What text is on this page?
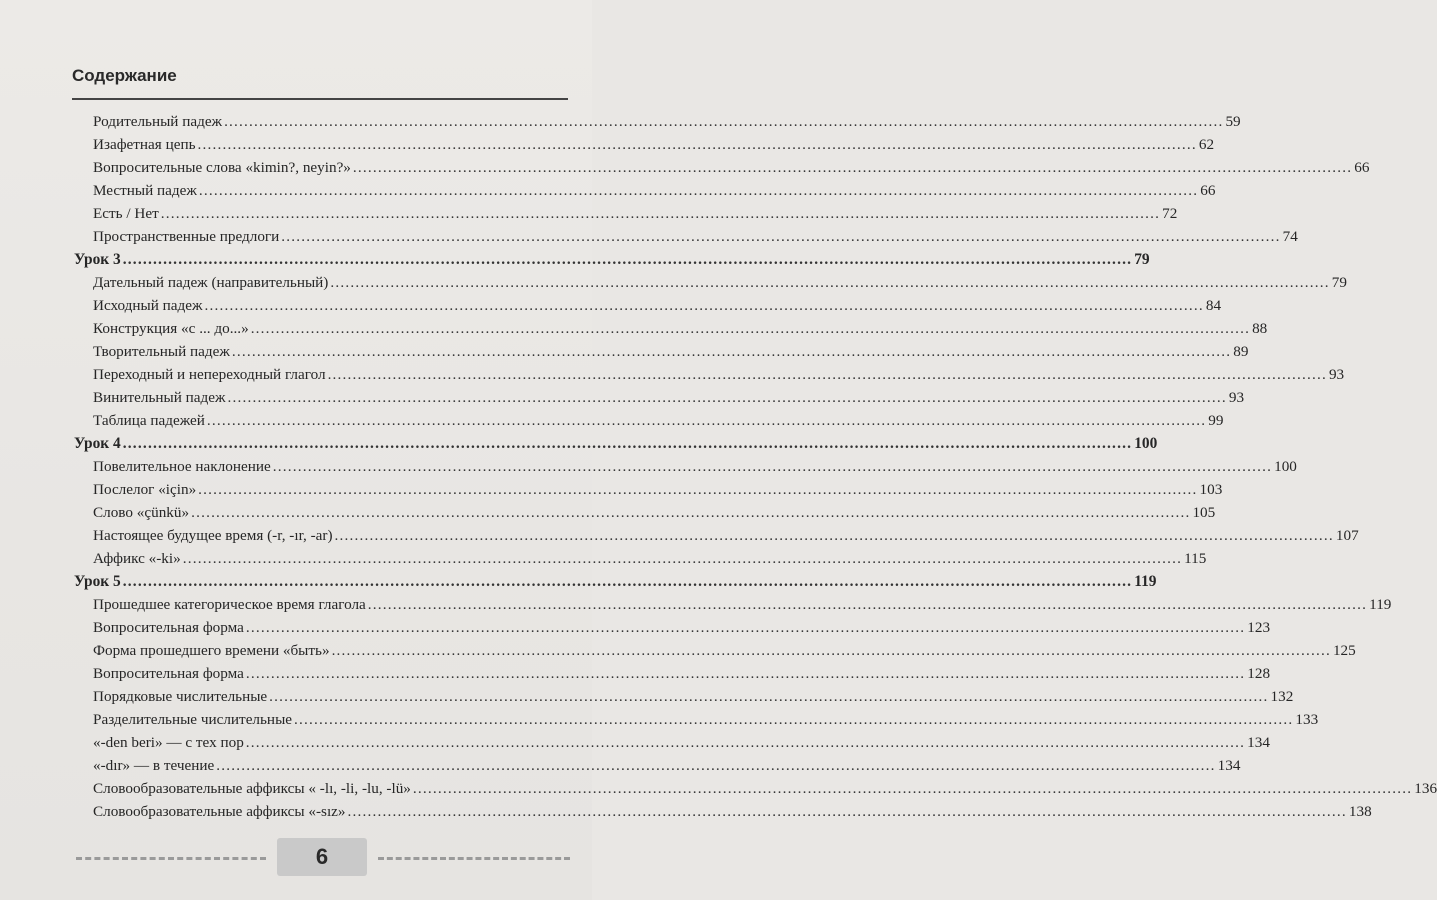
Содержание
Родительный падеж ........................................................................................................................................................................................................ 59
Изафетная цепь ........................................................................................................................................................................................................ 62
Вопросительные слова «kimin?, neyin?» ........................................................................................................................................................................................................ 66
Местный падеж ........................................................................................................................................................................................................ 66
Есть / Нет ........................................................................................................................................................................................................ 72
Пространственные предлоги ........................................................................................................................................................................................................ 74
Урок 3 ........................................................................................................................................................................................................ 79
Дательный падеж (направительный) ........................................................................................................................................................................................................ 79
Исходный падеж ........................................................................................................................................................................................................ 84
Конструкция «с ... до...» ........................................................................................................................................................................................................ 88
Творительный падеж ........................................................................................................................................................................................................ 89
Переходный и непереходный глагол ........................................................................................................................................................................................................ 93
Винительный падеж ........................................................................................................................................................................................................ 93
Таблица падежей ........................................................................................................................................................................................................ 99
Урок 4 ........................................................................................................................................................................................................ 100
Повелительное наклонение ........................................................................................................................................................................................................ 100
Послелог «için» ........................................................................................................................................................................................................ 103
Слово «çünkü» ........................................................................................................................................................................................................ 105
Настоящее будущее время (-r, -ır, -ar) ........................................................................................................................................................................................................ 107
Аффикс «-ki» ........................................................................................................................................................................................................ 115
Урок 5 ........................................................................................................................................................................................................ 119
Прошедшее категорическое время глагола ........................................................................................................................................................................................................ 119
Вопросительная форма ........................................................................................................................................................................................................ 123
Форма прошедшего времени «быть» ........................................................................................................................................................................................................ 125
Вопросительная форма ........................................................................................................................................................................................................ 128
Порядковые числительные ........................................................................................................................................................................................................ 132
Разделительные числительные ........................................................................................................................................................................................................ 133
«-den beri» — с тех пор ........................................................................................................................................................................................................ 134
«-dır» — в течение ........................................................................................................................................................................................................ 134
Словообразовательные аффиксы « -lı, -li, -lu, -lü» ........................................................................................................................................................................................................ 136
Словообразовательные аффиксы «-sız» ........................................................................................................................................................................................................ 138
6
